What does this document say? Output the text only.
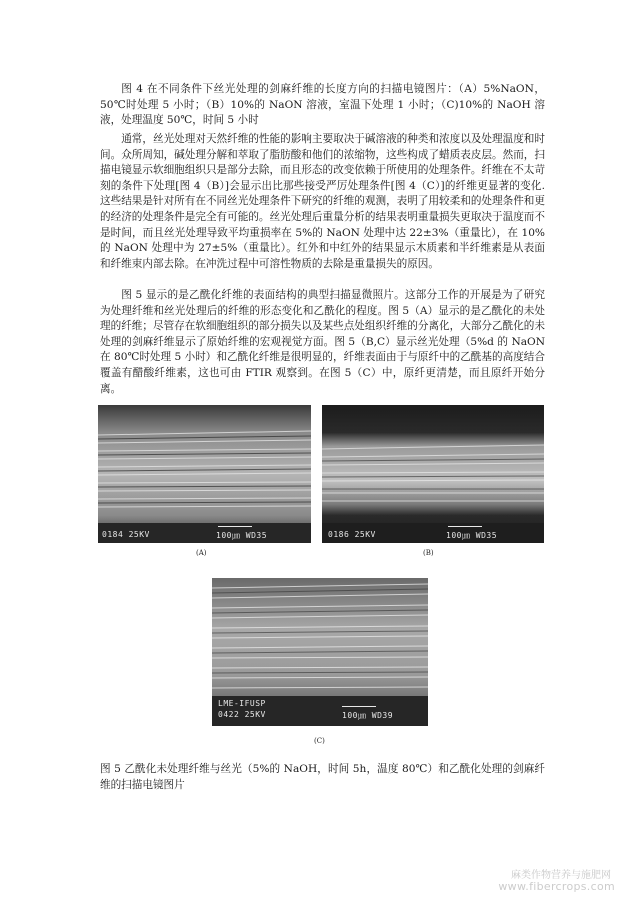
图 4 在不同条件下丝光处理的剑麻纤维的长度方向的扫描电镜图片：（A）5%NaON，50℃时处理 5 小时；（B）10%的 NaON 溶液，室温下处理 1 小时；（C)10%的 NaOH 溶液，处理温度 50℃，时间 5 小时

通常，丝光处理对天然纤维的性能的影响主要取决于碱溶液的种类和浓度以及处理温度和时间。众所周知，碱处理分解和萃取了脂肪酸和他们的浓缩物，这些构成了蜡质表皮层。然而，扫描电镜显示软细胞组织只是部分去除，而且形态的改变依赖于所使用的处理条件。纤维在不太苛刻的条件下处理[图 4（B）]会显示出比那些接受严厉处理条件[图 4（C）]的纤维更显著的变化.这些结果是针对所有在不同丝光处理条件下研究的纤维的观测，表明了用较柔和的处理条件和更的经济的处理条件是完全有可能的。丝光处理后重量分析的结果表明重量损失更取决于温度而不是时间，而且丝光处理导致平均重损率在 5%的 NaON 处理中达 22±3%（重量比），在 10%的 NaON 处理中为 27±5%（重量比）。红外和中红外的结果显示木质素和半纤维素是从表面和纤维束内部去除。在冲洗过程中可溶性物质的去除是重量损失的原因。

图 5 显示的是乙酰化纤维的表面结构的典型扫描显微照片。这部分工作的开展是为了研究为处理纤维和丝光处理后的纤维的形态变化和乙酰化的程度。图 5（A）显示的是乙酰化的未处理的纤维；尽管存在软细胞组织的部分损失以及某些点处组织纤维的分离化，大部分乙酰化的未处理的剑麻纤维显示了原始纤维的宏观视觉方面。图 5（B,C）显示丝光处理（5%d 的 NaON 在 80℃时处理 5 小时）和乙酰化纤维是很明显的，纤维表面由于与原纤中的乙酰基的高度结合覆盖有醋酸纤维素，这也可由 FTIR 观察到。在图 5（C）中，原纤更清楚，而且原纤开始分离。

0184 25KV	100㎛ WD35
(A)
0186 25KV	100㎛ WD35
(B)
LME-IFUSP
0422 25KV	100㎛ WD39
(C)

图 5 乙酰化未处理纤维与丝光（5%的 NaOH，时间 5h，温度 80℃）和乙酰化处理的剑麻纤维的扫描电镜图片

麻类作物营养与施肥网
www.fibercrops.com
